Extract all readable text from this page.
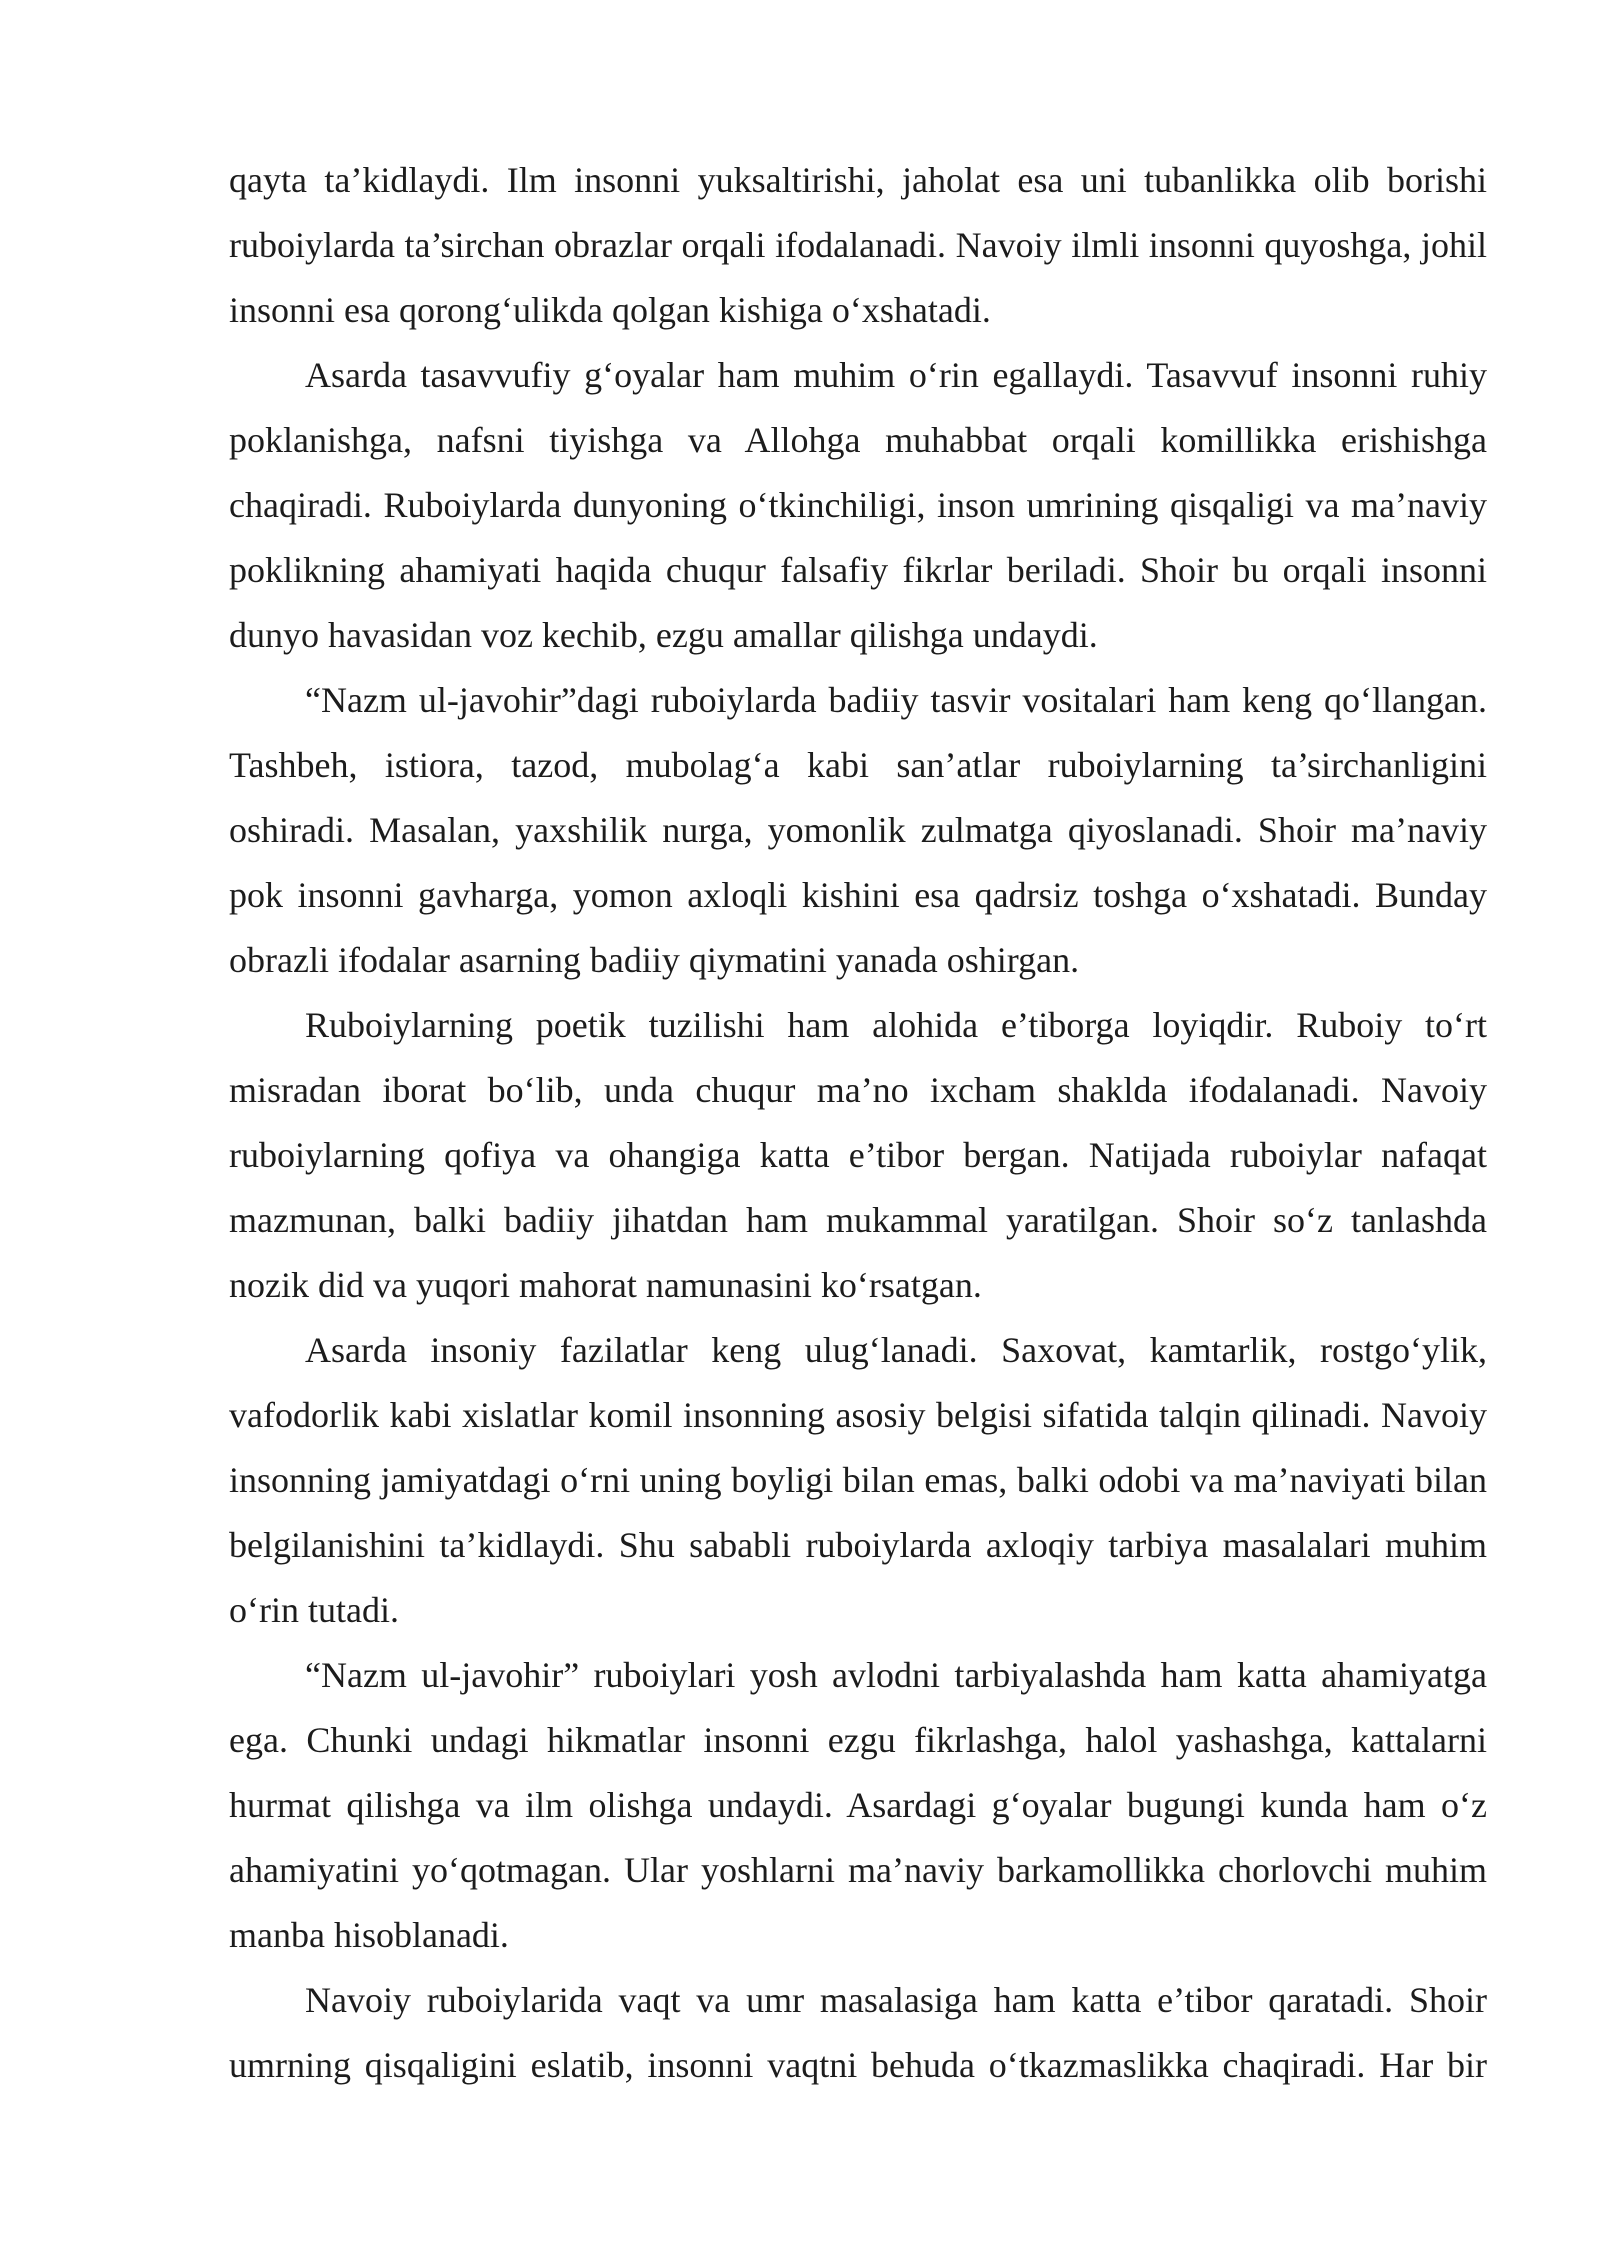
qayta ta’kidlaydi. Ilm insonni yuksaltirishi, jaholat esa uni tubanlikka olib borishi ruboiylarda ta’sirchan obrazlar orqali ifodalanadi. Navoiy ilmli insonni quyoshga, johil insonni esa qorong‘ulikda qolgan kishiga o‘xshatadi.

Asarda tasavvufiy g‘oyalar ham muhim o‘rin egallaydi. Tasavvuf insonni ruhiy poklanishga, nafsni tiyishga va Allohga muhabbat orqali komillikka erishishga chaqiradi. Ruboiylarda dunyoning o‘tkinchiligi, inson umrining qisqaligi va ma’naviy poklikning ahamiyati haqida chuqur falsafiy fikrlar beriladi. Shoir bu orqali insonni dunyo havasidan voz kechib, ezgu amallar qilishga undaydi.

“Nazm ul-javohir”dagi ruboiylarda badiiy tasvir vositalari ham keng qo‘llangan. Tashbeh, istiora, tazod, mubolag‘a kabi san’atlar ruboiylarning ta’sirchanligini oshiradi. Masalan, yaxshilik nurga, yomonlik zulmatga qiyoslanadi. Shoir ma’naviy pok insonni gavharga, yomon axloqli kishini esa qadrsiz toshga o‘xshatadi. Bunday obrazli ifodalar asarning badiiy qiymatini yanada oshirgan.

Ruboiylarning poetik tuzilishi ham alohida e’tiborga loyiqdir. Ruboiy to‘rt misradan iborat bo‘lib, unda chuqur ma’no ixcham shaklda ifodalanadi. Navoiy ruboiylarning qofiya va ohangiga katta e’tibor bergan. Natijada ruboiylar nafaqat mazmunan, balki badiiy jihatdan ham mukammal yaratilgan. Shoir so‘z tanlashda nozik did va yuqori mahorat namunasini ko‘rsatgan.

Asarda insoniy fazilatlar keng ulug‘lanadi. Saxovat, kamtarlik, rostgo‘ylik, vafodorlik kabi xislatlar komil insonning asosiy belgisi sifatida talqin qilinadi. Navoiy insonning jamiyatdagi o‘rni uning boyligi bilan emas, balki odobi va ma’naviyati bilan belgilanishini ta’kidlaydi. Shu sababli ruboiylarda axloqiy tarbiya masalalari muhim o‘rin tutadi.

“Nazm ul-javohir” ruboiylari yosh avlodni tarbiyalashda ham katta ahamiyatga ega. Chunki undagi hikmatlar insonni ezgu fikrlashga, halol yashashga, kattalarni hurmat qilishga va ilm olishga undaydi. Asardagi g‘oyalar bugungi kunda ham o‘z ahamiyatini yo‘qotmagan. Ular yoshlarni ma’naviy barkamollikka chorlovchi muhim manba hisoblanadi.

Navoiy ruboiylarida vaqt va umr masalasiga ham katta e’tibor qaratadi. Shoir umrning qisqaligini eslatib, insonni vaqtni behuda o‘tkazmaslikka chaqiradi. Har bir
